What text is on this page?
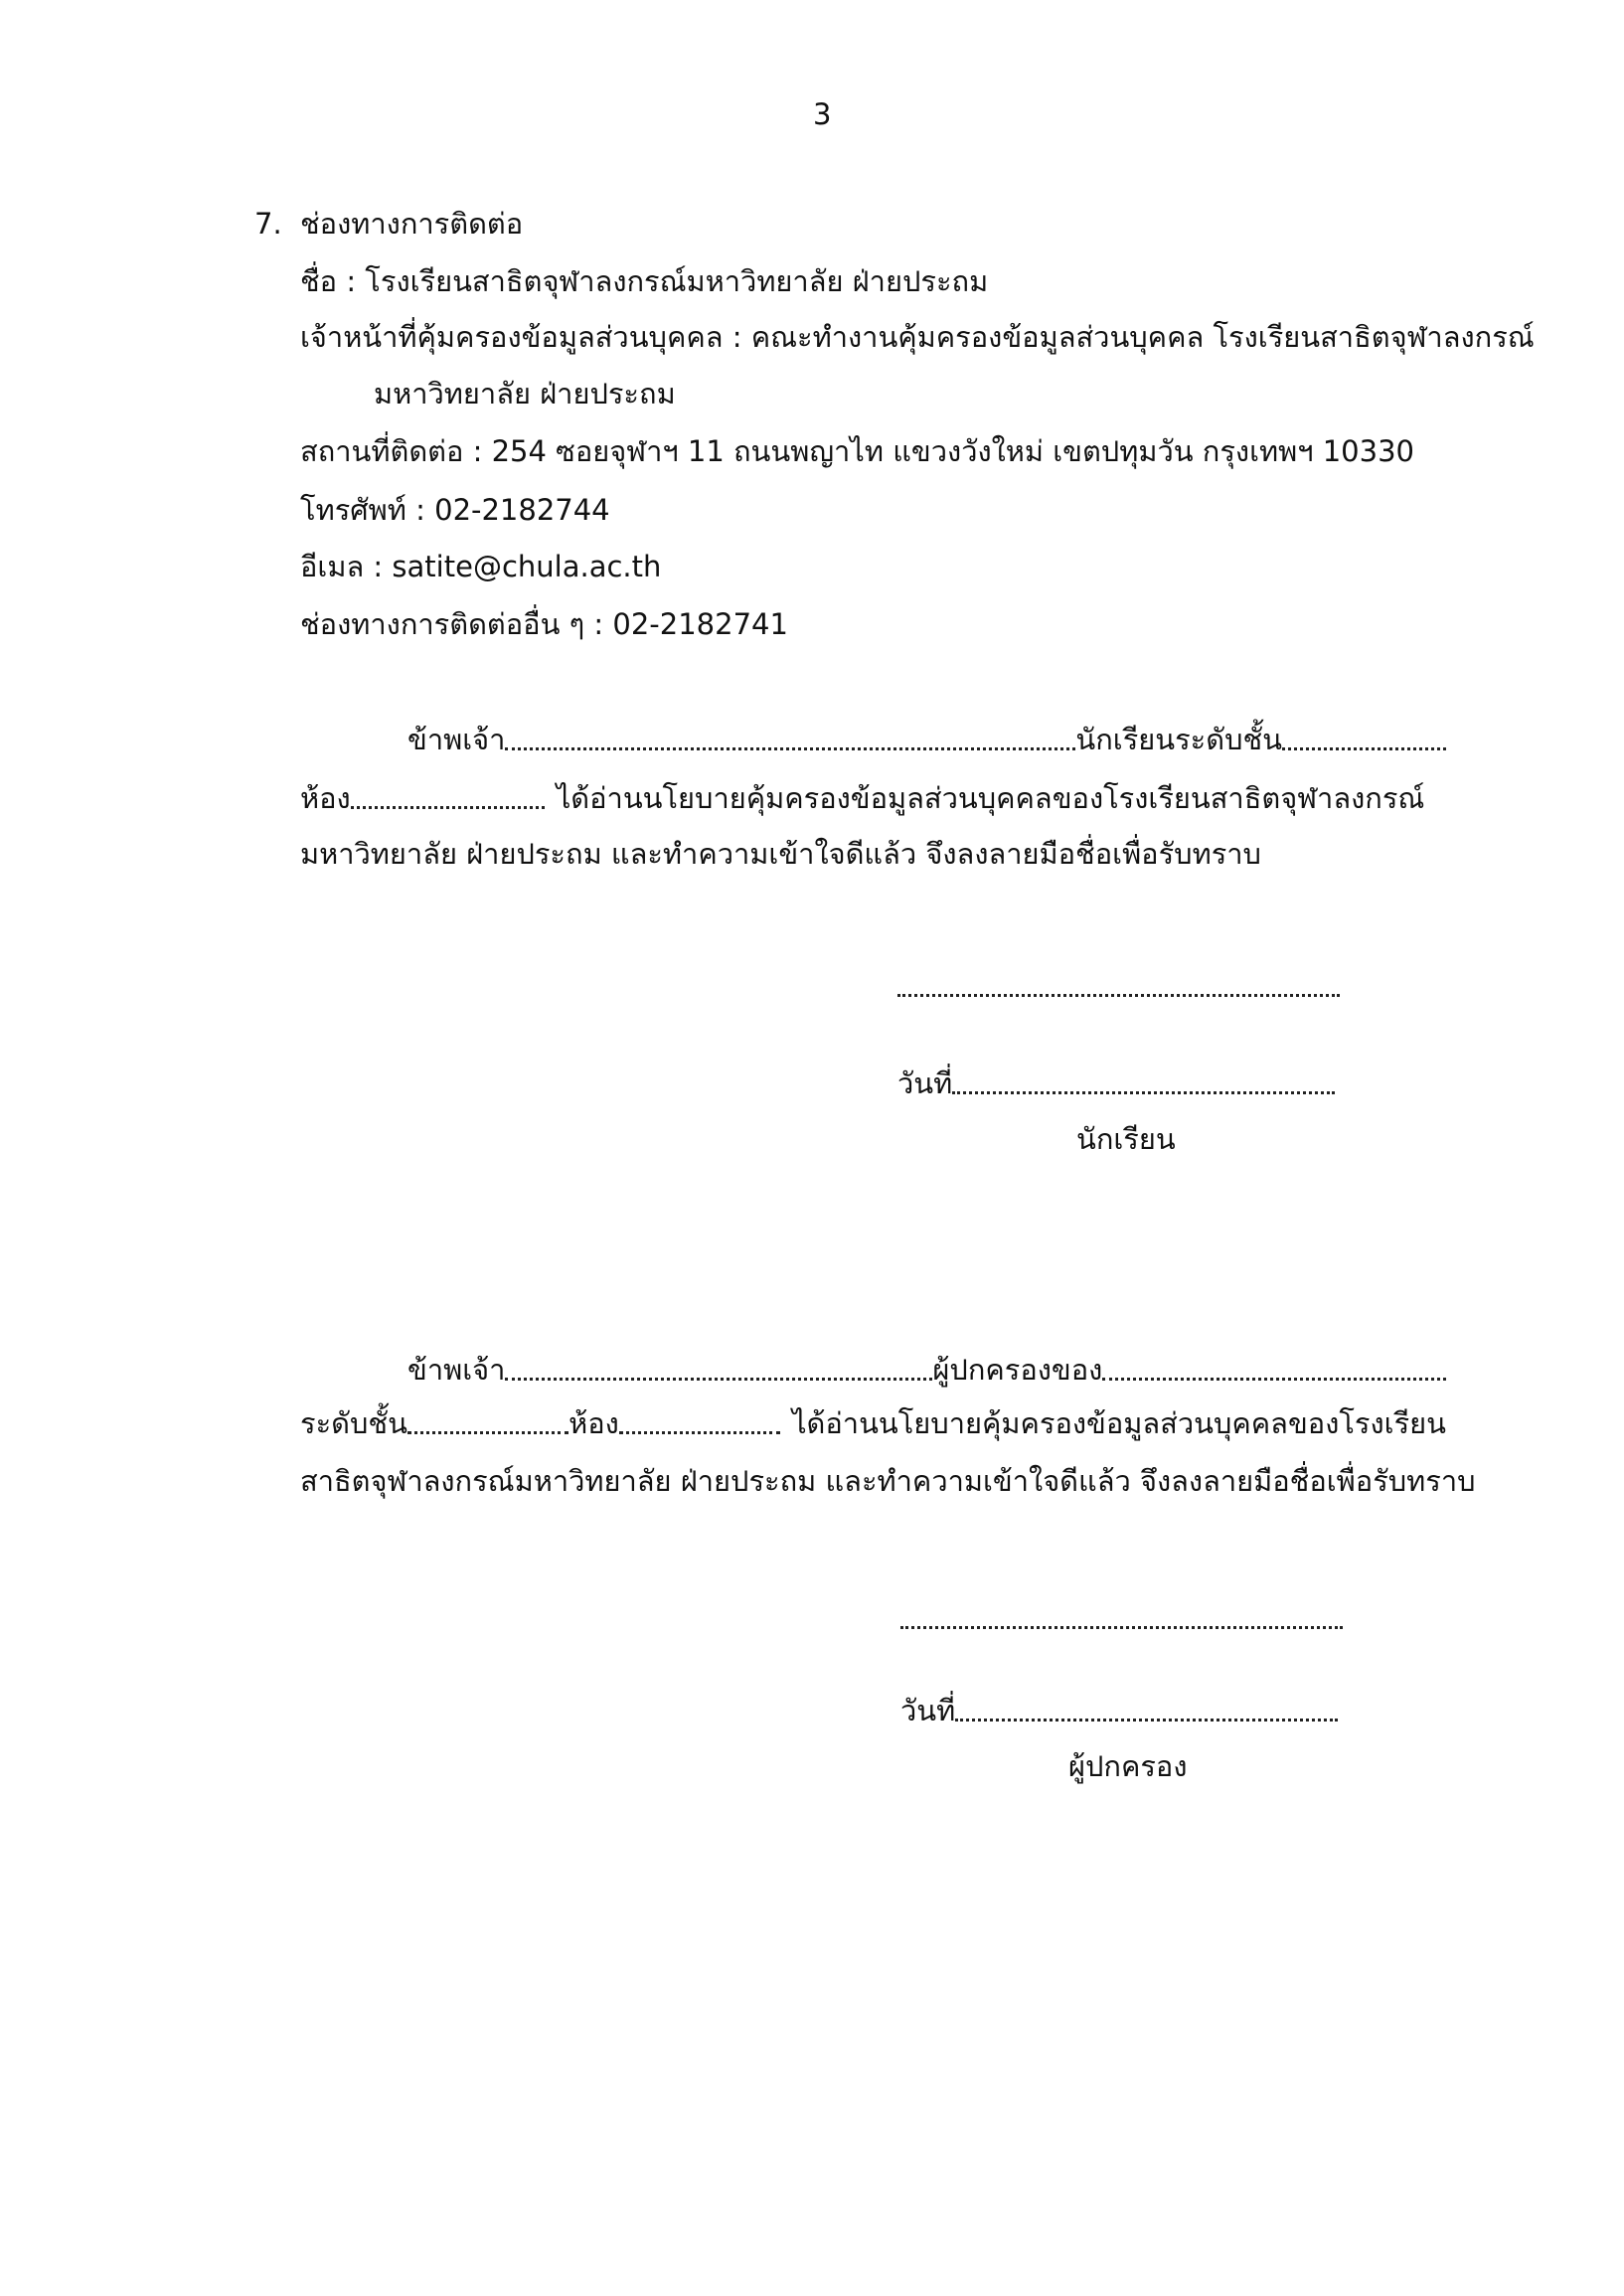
3
7. ช่องทางการติดต่อ
ชื่อ : โรงเรียนสาธิตจุฬาลงกรณ์มหาวิทยาลัย ฝ่ายประถม
เจ้าหน้าที่คุ้มครองข้อมูลส่วนบุคคล : คณะทำงานคุ้มครองข้อมูลส่วนบุคคล โรงเรียนสาธิตจุฬาลงกรณ์
มหาวิทยาลัย ฝ่ายประถม
สถานที่ติดต่อ : 254 ซอยจุฬาฯ 11 ถนนพญาไท แขวงวังใหม่ เขตปทุมวัน กรุงเทพฯ 10330
โทรศัพท์ : 02-2182744
อีเมล : satite@chula.ac.th
ช่องทางการติดต่ออื่น ๆ : 02-2182741
ข้าพเจ้า	นักเรียนระดับชั้น
ห้อง	ได้อ่านนโยบายคุ้มครองข้อมูลส่วนบุคคลของโรงเรียนสาธิตจุฬาลงกรณ์
มหาวิทยาลัย ฝ่ายประถม และทำความเข้าใจดีแล้ว จึงลงลายมือชื่อเพื่อรับทราบ
วันที่
นักเรียน
ข้าพเจ้า	ผู้ปกครองของ
ระดับชั้น	ห้อง	ได้อ่านนโยบายคุ้มครองข้อมูลส่วนบุคคลของโรงเรียน
สาธิตจุฬาลงกรณ์มหาวิทยาลัย ฝ่ายประถม และทำความเข้าใจดีแล้ว จึงลงลายมือชื่อเพื่อรับทราบ
วันที่
ผู้ปกครอง
